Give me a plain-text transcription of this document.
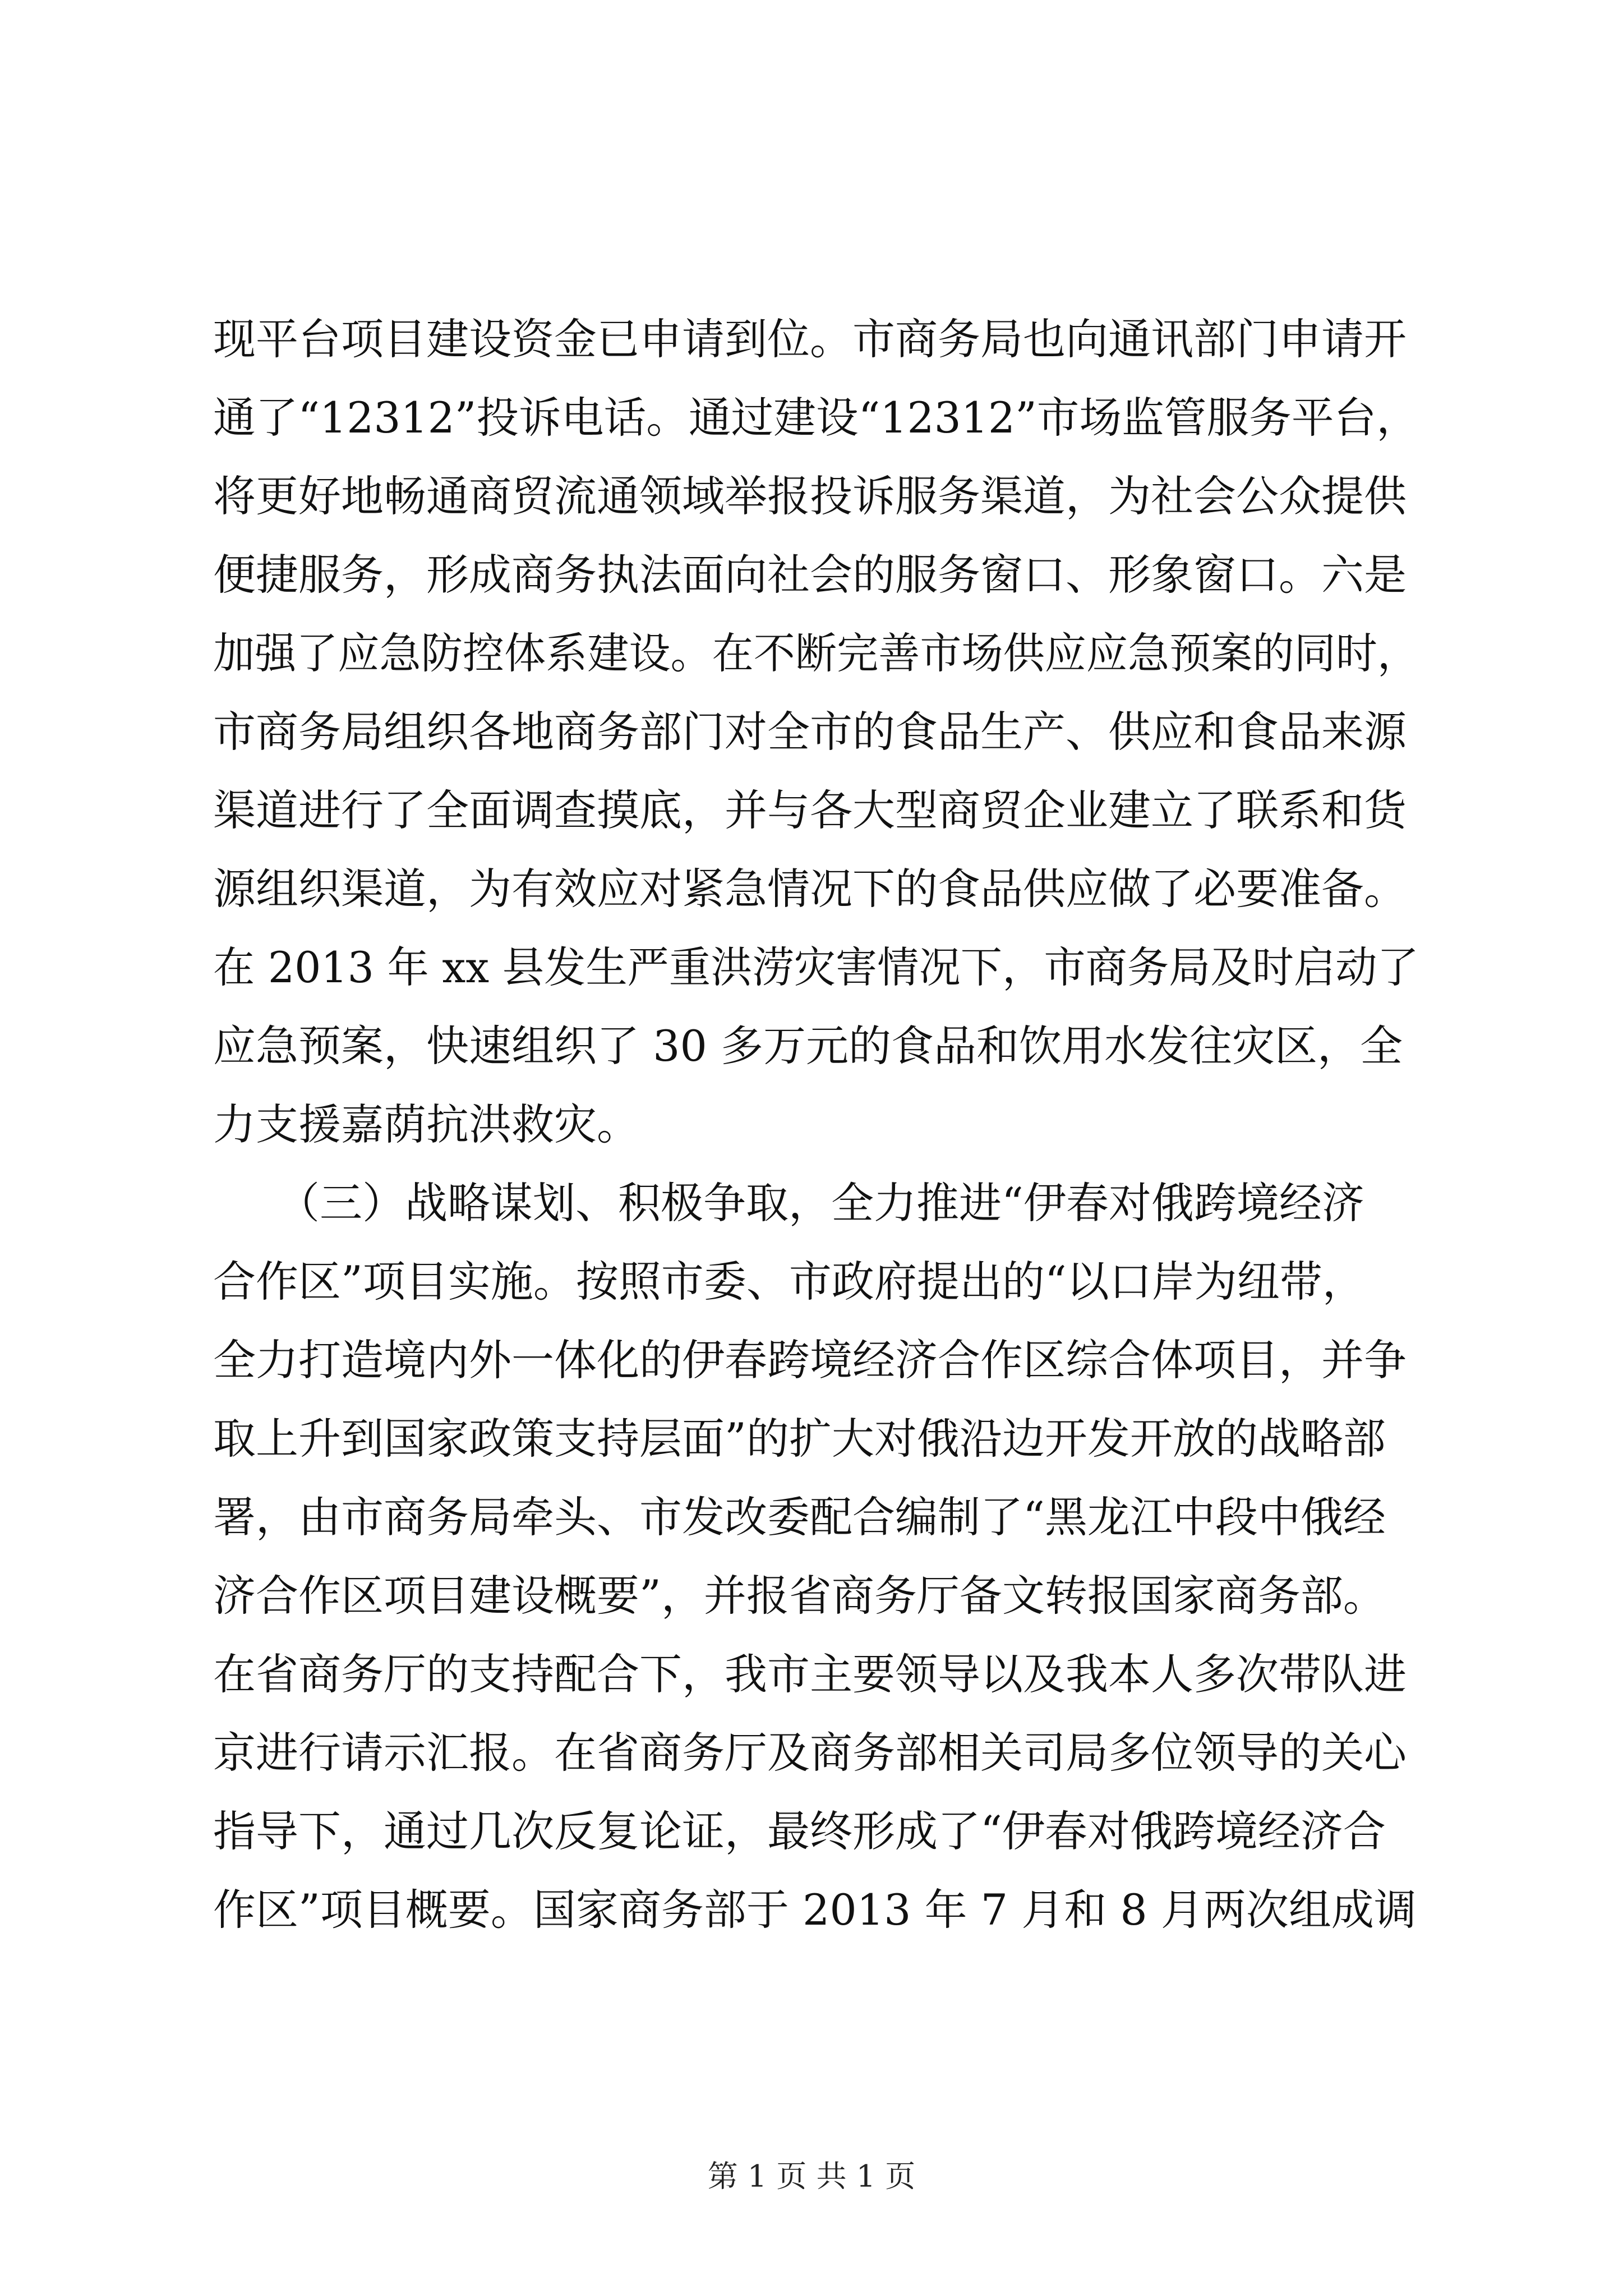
现平台项目建设资金已申请到位。市商务局也向通讯部门申请开
通了“12312”投诉电话。通过建设“12312”市场监管服务平台，
将更好地畅通商贸流通领域举报投诉服务渠道，为社会公众提供
便捷服务，形成商务执法面向社会的服务窗口、形象窗口。六是
加强了应急防控体系建设。在不断完善市场供应应急预案的同时，
市商务局组织各地商务部门对全市的食品生产、供应和食品来源
渠道进行了全面调查摸底，并与各大型商贸企业建立了联系和货
源组织渠道，为有效应对紧急情况下的食品供应做了必要准备。
在 2013 年 xx 县发生严重洪涝灾害情况下，市商务局及时启动了
应急预案，快速组织了 30 多万元的食品和饮用水发往灾区，全
力支援嘉荫抗洪救灾。
　　（三）战略谋划、积极争取，全力推进“伊春对俄跨境经济
合作区”项目实施。按照市委、市政府提出的“以口岸为纽带，
全力打造境内外一体化的伊春跨境经济合作区综合体项目，并争
取上升到国家政策支持层面”的扩大对俄沿边开发开放的战略部
署，由市商务局牵头、市发改委配合编制了“黑龙江中段中俄经
济合作区项目建设概要”，并报省商务厅备文转报国家商务部。
在省商务厅的支持配合下，我市主要领导以及我本人多次带队进
京进行请示汇报。在省商务厅及商务部相关司局多位领导的关心
指导下，通过几次反复论证，最终形成了“伊春对俄跨境经济合
作区”项目概要。国家商务部于 2013 年 7 月和 8 月两次组成调
第 1 页 共 1 页
